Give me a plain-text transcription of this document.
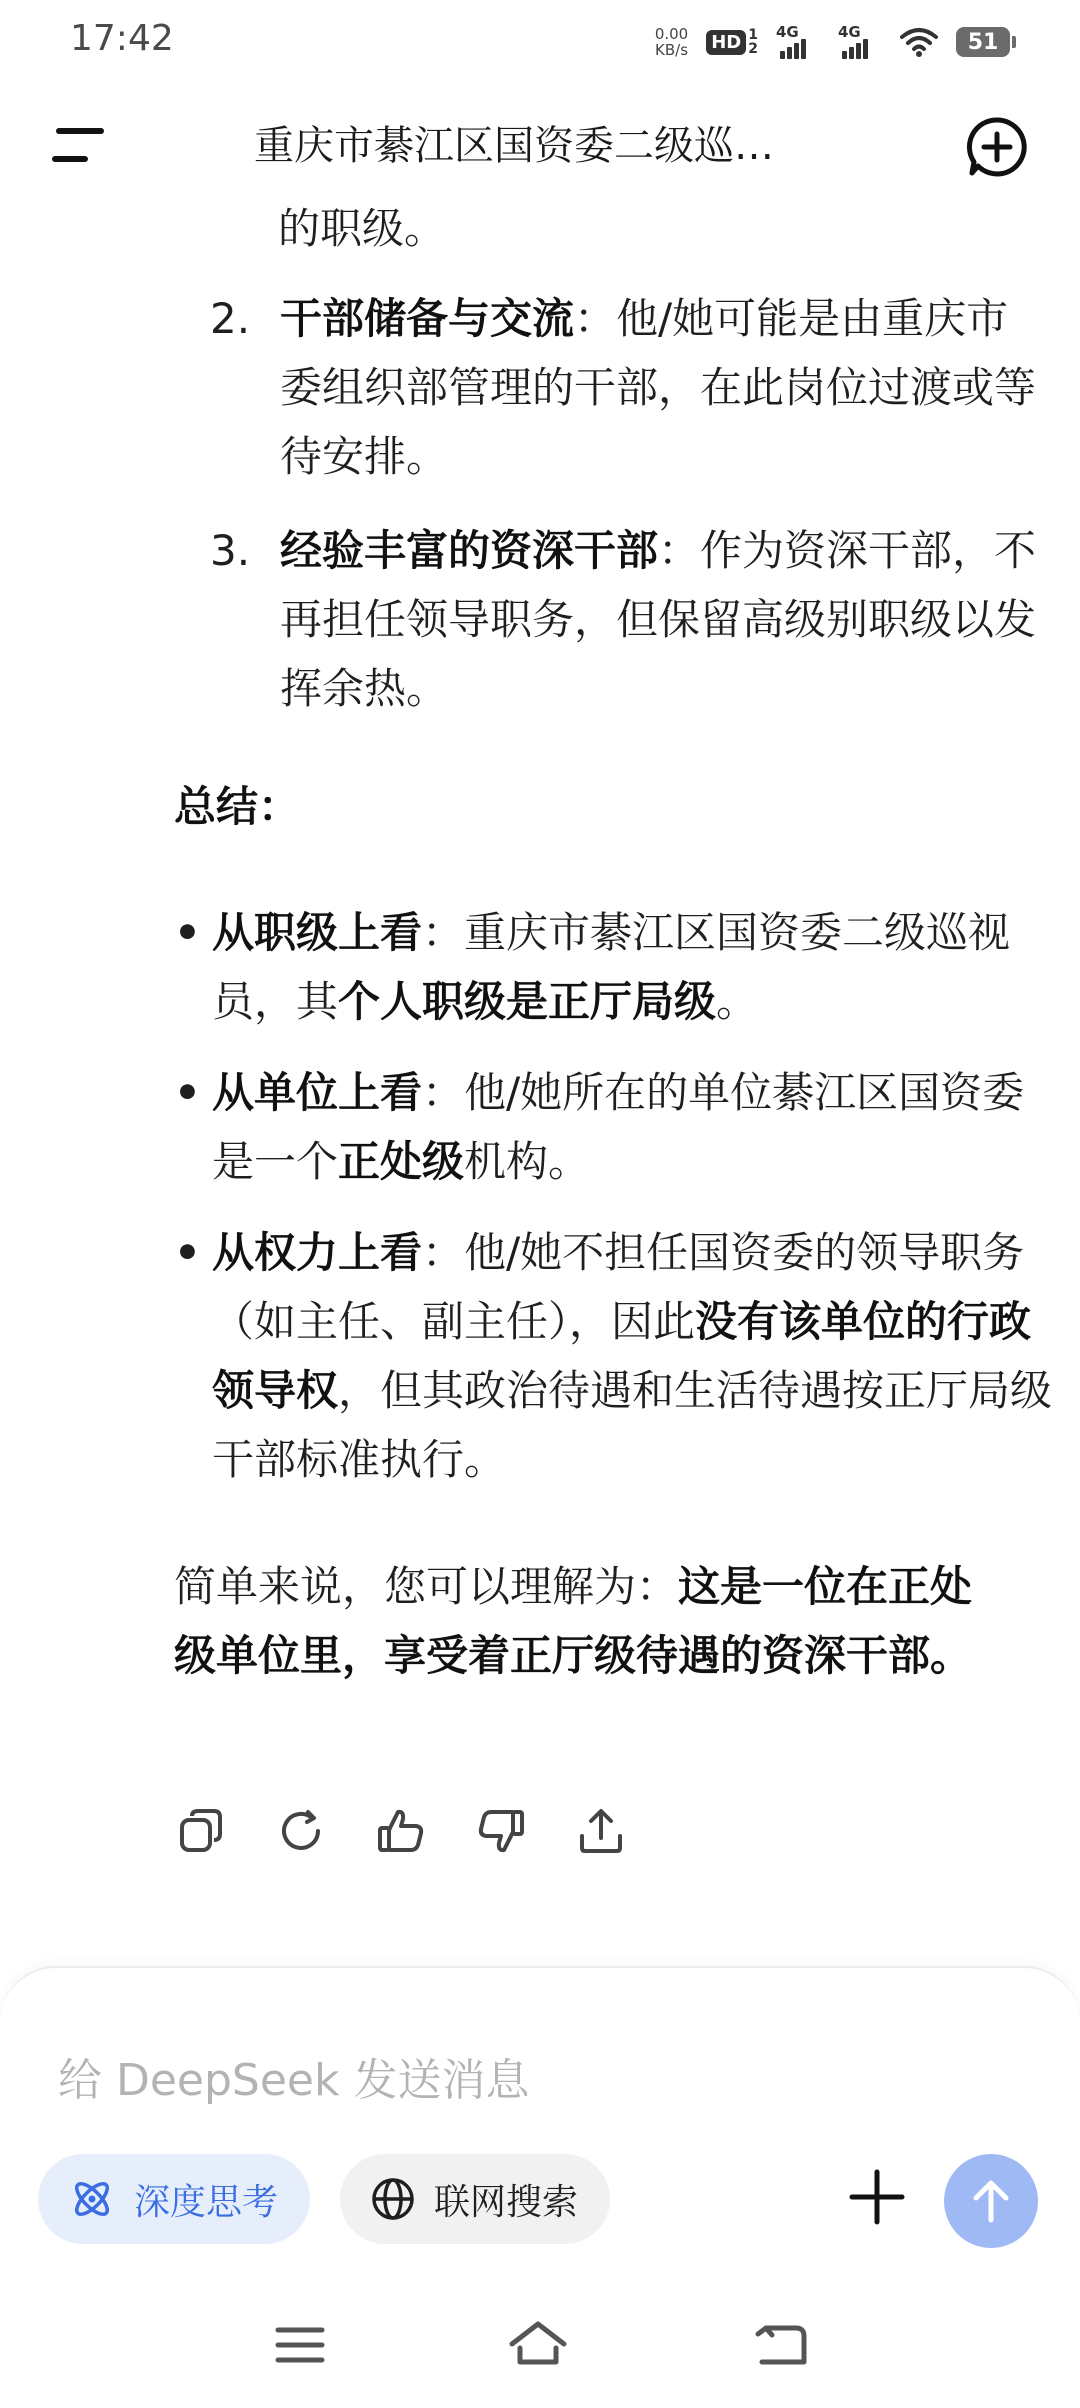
17:42	0.00
KB/s HD 1
2
4G	4G	51
重庆市綦江区国资委二级巡…
的职级。
2. 干部储备与交流：他/她可能是由重庆市委组织部管理的干部，在此岗位过渡或等待安排。
3. 经验丰富的资深干部：作为资深干部，不再担任领导职务，但保留高级别职级以发挥余热。
总结：
• 从职级上看：重庆市綦江区国资委二级巡视员，其个人职级是正厅局级。
• 从单位上看：他/她所在的单位綦江区国资委是一个正处级机构。
• 从权力上看：他/她不担任国资委的领导职务（如主任、副主任），因此没有该单位的行政领导权，但其政治待遇和生活待遇按正厅局级干部标准执行。
简单来说，您可以理解为：这是一位在正处级单位里，享受着正厅级待遇的资深干部。
给 DeepSeek 发送消息
深度思考	联网搜索
